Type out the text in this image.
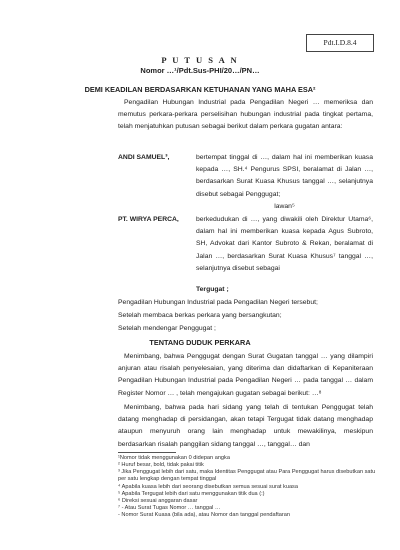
Pdt.I.D.8.4
P U T U S A N
Nomor …¹/Pdt.Sus-PHI/20…/PN…
DEMI KEADILAN BERDASARKAN KETUHANAN YANG MAHA ESA²
Pengadilan Hubungan Industrial pada Pengadilan Negeri … memeriksa dan memutus perkara-perkara perselisihan hubungan industrial pada tingkat pertama, telah menjatuhkan putusan sebagai berikut dalam perkara gugatan antara:
ANDI SAMUEL³,	bertempat tinggal di …, dalam hal ini memberikan kuasa kepada …, SH.⁴ Pengurus SPSI, beralamat di Jalan …, berdasarkan Surat Kuasa Khusus tanggal …, selanjutnya disebut sebagai Penggugat;
lawan⁵
PT. WIRYA PERCA,	berkedudukan di …, yang diwakili oleh Direktur Utama⁶, dalam hal ini memberikan kuasa kepada Agus Subroto, SH, Advokat dari Kantor Subroto & Rekan, beralamat di Jalan …, berdasarkan Surat Kuasa Khusus⁷ tanggal …, selanjutnya disebut sebagai
Tergugat ;
Pengadilan Hubungan Industrial pada Pengadilan Negeri tersebut;
Setelah membaca berkas perkara yang bersangkutan;
Setelah mendengar Penggugat ;
TENTANG DUDUK PERKARA
Menimbang, bahwa Penggugat dengan Surat Gugatan tanggal … yang dilampiri anjuran atau risalah penyelesaian, yang diterima dan didaftarkan di Kepaniteraan Pengadilan Hubungan Industrial pada Pengadilan Negeri … pada tanggal … dalam Register Nomor … , telah mengajukan gugatan sebagai berikut: …⁸
Menimbang, bahwa pada hari sidang yang telah di tentukan Penggugat telah datang menghadap di persidangan, akan tetapi Tergugat tidak datang menghadap ataupun menyuruh orang lain menghadap untuk mewakilinya, meskipun berdasarkan risalah panggilan sidang tanggal …, tanggal… dan
¹Nomor tidak menggunakan 0 didepan angka
² Huruf besar, bold, tidak pakai titik
³ Jika Penggugat lebih dari satu, maka Identitas Penggugat atau Para Penggugat harus disebutkan satu per satu lengkap dengan tempat tinggal
⁴ Apabila kuasa lebih dari seorang disebutkan semua sesuai surat kuasa
⁵ Apabila Tergugat lebih dari satu menggunakan titik dua (:)
⁶ Direksi sesuai anggaran dasar
⁷ - Atau Surat Tugas Nomor … tanggal …
- Nomor Surat Kuasa (bila ada), atau Nomor dan tanggal pendaftaran
